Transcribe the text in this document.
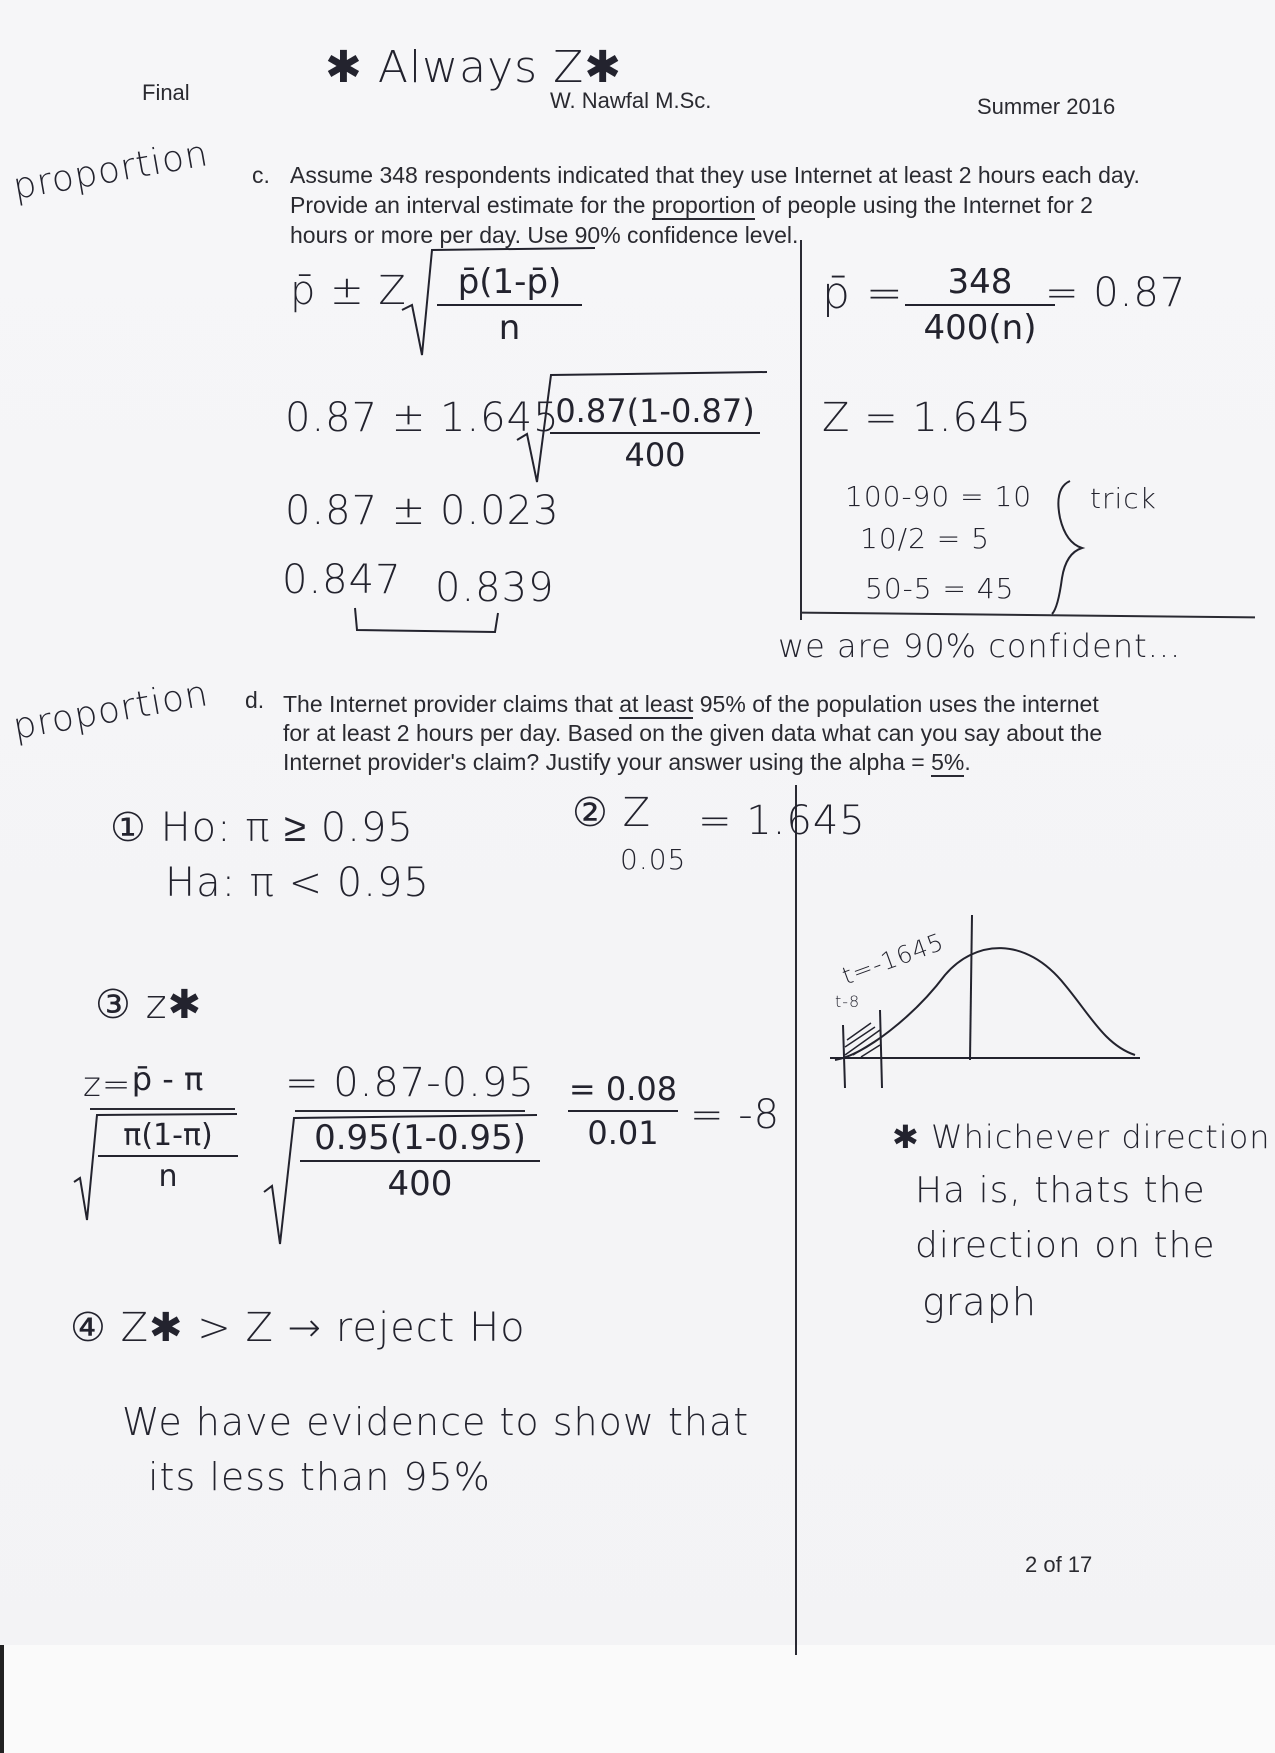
Final	✱ Always Z✱
W. Nawfal M.Sc.	Summer 2016
proportion
proportion
c. Assume 348 respondents indicated that they use Internet at least 2 hours each day.
Provide an interval estimate for the proportion of people using the Internet for 2
hours or more per day. Use 90% confidence level.
p̄ ± Z	p̄(1-p̄)
n
0.87 ± 1.645
0.87(1-0.87)
400
0.87 ± 0.023
0.847 0.839
p̄ =	348
400(n)
= 0.87
Z = 1.645
100-90 = 10
10/2 = 5
50-5 = 45
trick
we are 90% confident...
d. The Internet provider claims that at least 95% of the population uses the internet
for at least 2 hours per day. Based on the given data what can you say about the
Internet provider's claim? Justify your answer using the alpha = 5%.
① Ho: π ≥ 0.95
Ha: π < 0.95
② Z = 1.645
0.05
③ z✱
z= p̄ - π
π(1-π)
n
= 0.87-0.95
0.95(1-0.95)
400
= 0.08
0.01 = -8
④ Z✱ > Z → reject Ho
We have evidence to show that
its less than 95%
t=-1645
t-8
✱ Whichever direction
Ha is, thats the
direction on the
graph
2 of 17
